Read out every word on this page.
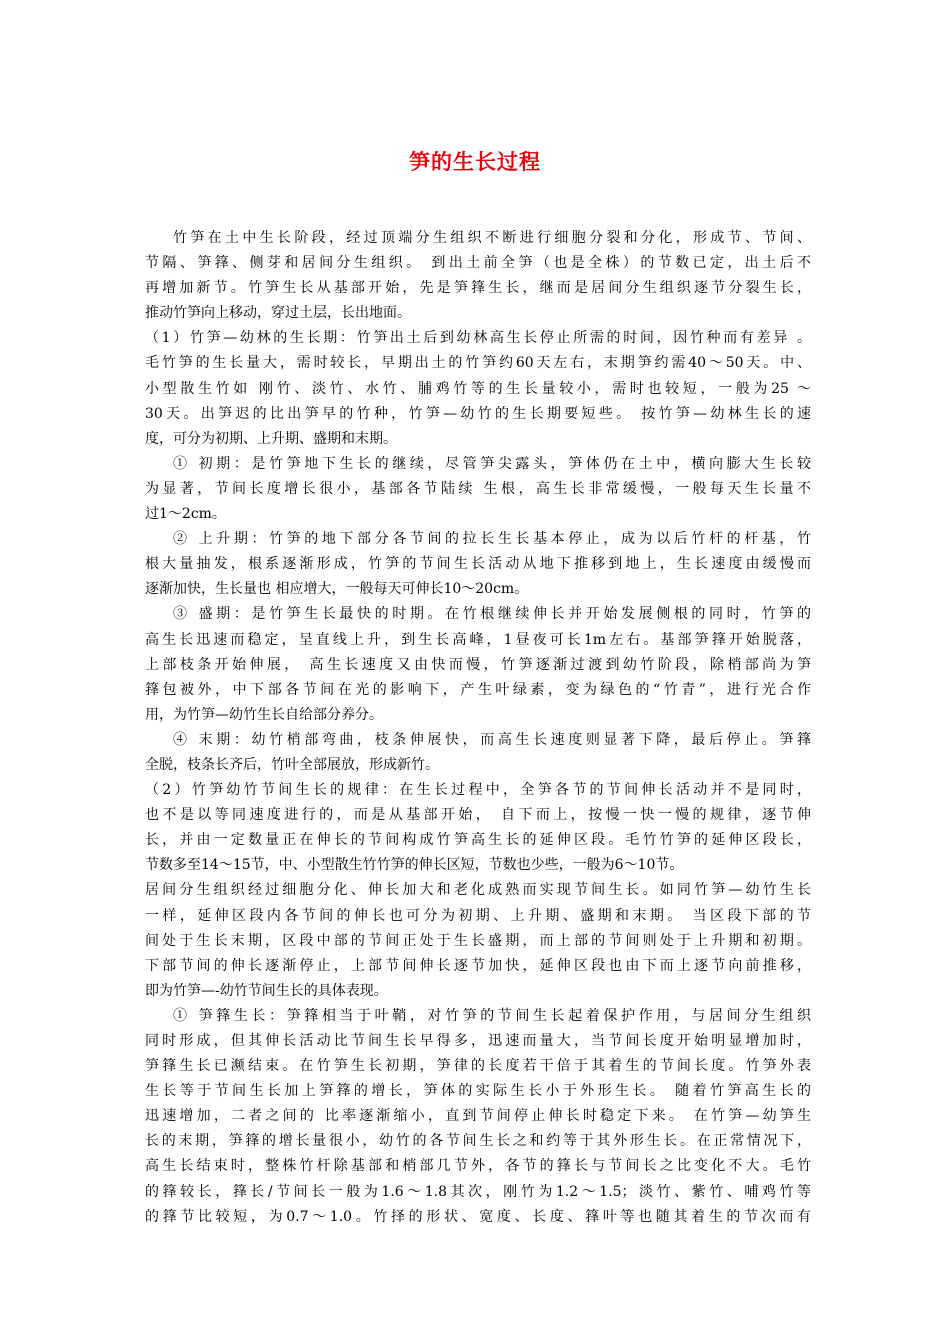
笋的生长过程
竹笋在土中生长阶段，经过顶端分生组织不断进行细胞分裂和分化，形成节、节间、
节隔、笋箨、侧芽和居间分生组织。 到出土前全笋（也是全株）的节数已定，出土后不
再增加新节。竹笋生长从基部开始，先是笋箨生长，继而是居间分生组织逐节分裂生长，
推动竹笋向上移动，穿过土层，长出地面。
（1）竹笋—幼林的生长期：竹笋出土后到幼林高生长停止所需的时间，因竹种而有差异 。
毛竹笋的生长量大，需时较长，早期出土的竹笋约60天左右，末期笋约需40～50天。中、
小型散生竹如 刚竹、淡竹、水竹、脯鸡竹等的生长量较小，需时也较短，一般为25 ～
30天。出笋迟的比出笋早的竹种，竹笋—幼竹的生长期要短些。 按竹笋—幼林生长的速
度，可分为初期、上升期、盛期和末期。
① 初期：是竹笋地下生长的继续，尽管笋尖露头，笋体仍在土中，横向膨大生长较
为显著，节间长度增长很小，基部各节陆续 生根，高生长非常缓慢，一般每天生长量不
过1～2cm。
② 上升期：竹笋的地下部分各节间的拉长生长基本停止，成为以后竹杆的杆基，竹
根大量抽发，根系逐渐形成，竹笋的节间生长活动从地下推移到地上，生长速度由缓慢而
逐渐加快，生长量也 相应增大，一般每天可伸长10～20cm。
③ 盛期：是竹笋生长最快的时期。在竹根继续伸长并开始发展侧根的同时，竹笋的
高生长迅速而稳定，呈直线上升，到生长高峰，1昼夜可长1m左右。基部笋箨开始脱落，
上部枝条开始伸展， 高生长速度又由快而慢，竹笋逐渐过渡到幼竹阶段，除梢部尚为笋
箨包被外，中下部各节间在光的影响下，产生叶绿素，变为绿色的“竹青”，进行光合作
用，为竹笋—幼竹生长自给部分养分。
④ 末期：幼竹梢部弯曲，枝条伸展快，而高生长速度则显著下降，最后停止。笋箨
全脱，枝条长齐后，竹叶全部展放，形成新竹。
（2）竹笋幼竹节间生长的规律：在生长过程中，全笋各节的节间伸长活动并不是同时，
也不是以等同速度进行的，而是从基部开始， 自下而上，按慢一快一慢的规律，逐节伸
长，并由一定数量正在伸长的节间构成竹笋高生长的延伸区段。毛竹竹笋的延伸区段长，
节数多至14～15节，中、小型散生竹竹笋的伸长区短，节数也少些，一般为6～10节。
居间分生组织经过细胞分化、伸长加大和老化成熟而实现节间生长。如同竹笋—幼竹生长
一样，延伸区段内各节间的伸长也可分为初期、上升期、盛期和末期。 当区段下部的节
间处于生长末期，区段中部的节间正处于生长盛期，而上部的节间则处于上升期和初期。
下部节间的伸长逐渐停止，上部节间伸长逐节加快，延伸区段也由下而上逐节向前推移，
即为竹笋—-幼竹节间生长的具体表现。
① 笋箨生长：笋箨相当于叶鞘，对竹笋的节间生长起着保护作用，与居间分生组织
同时形成，但其伸长活动比节间生长早得多，迅速而量大，当节间长度开始明显增加时，
笋箨生长已濒结束。在竹笋生长初期，笋律的长度若干倍于其着生的节间长度。竹笋外表
生长等于节间生长加上笋箨的增长，笋体的实际生长小于外形生长。 随着竹笋高生长的
迅速增加，二者之间的 比率逐渐缩小，直到节间停止伸长时稳定下来。 在竹笋—幼笋生
长的末期，笋箨的增长量很小，幼竹的各节间生长之和约等于其外形生长。在正常情况下，
高生长结束时，整株竹杆除基部和梢部几节外，各节的箨长与节间长之比变化不大。毛竹
的箨较长，箨长/节间长一般为1.6～1.8其次，刚竹为1.2～1.5；淡竹、紫竹、哺鸡竹等
的箨节比较短，为0.7～1.0。竹择的形状、宽度、长度、箨叶等也随其着生的节次而有
